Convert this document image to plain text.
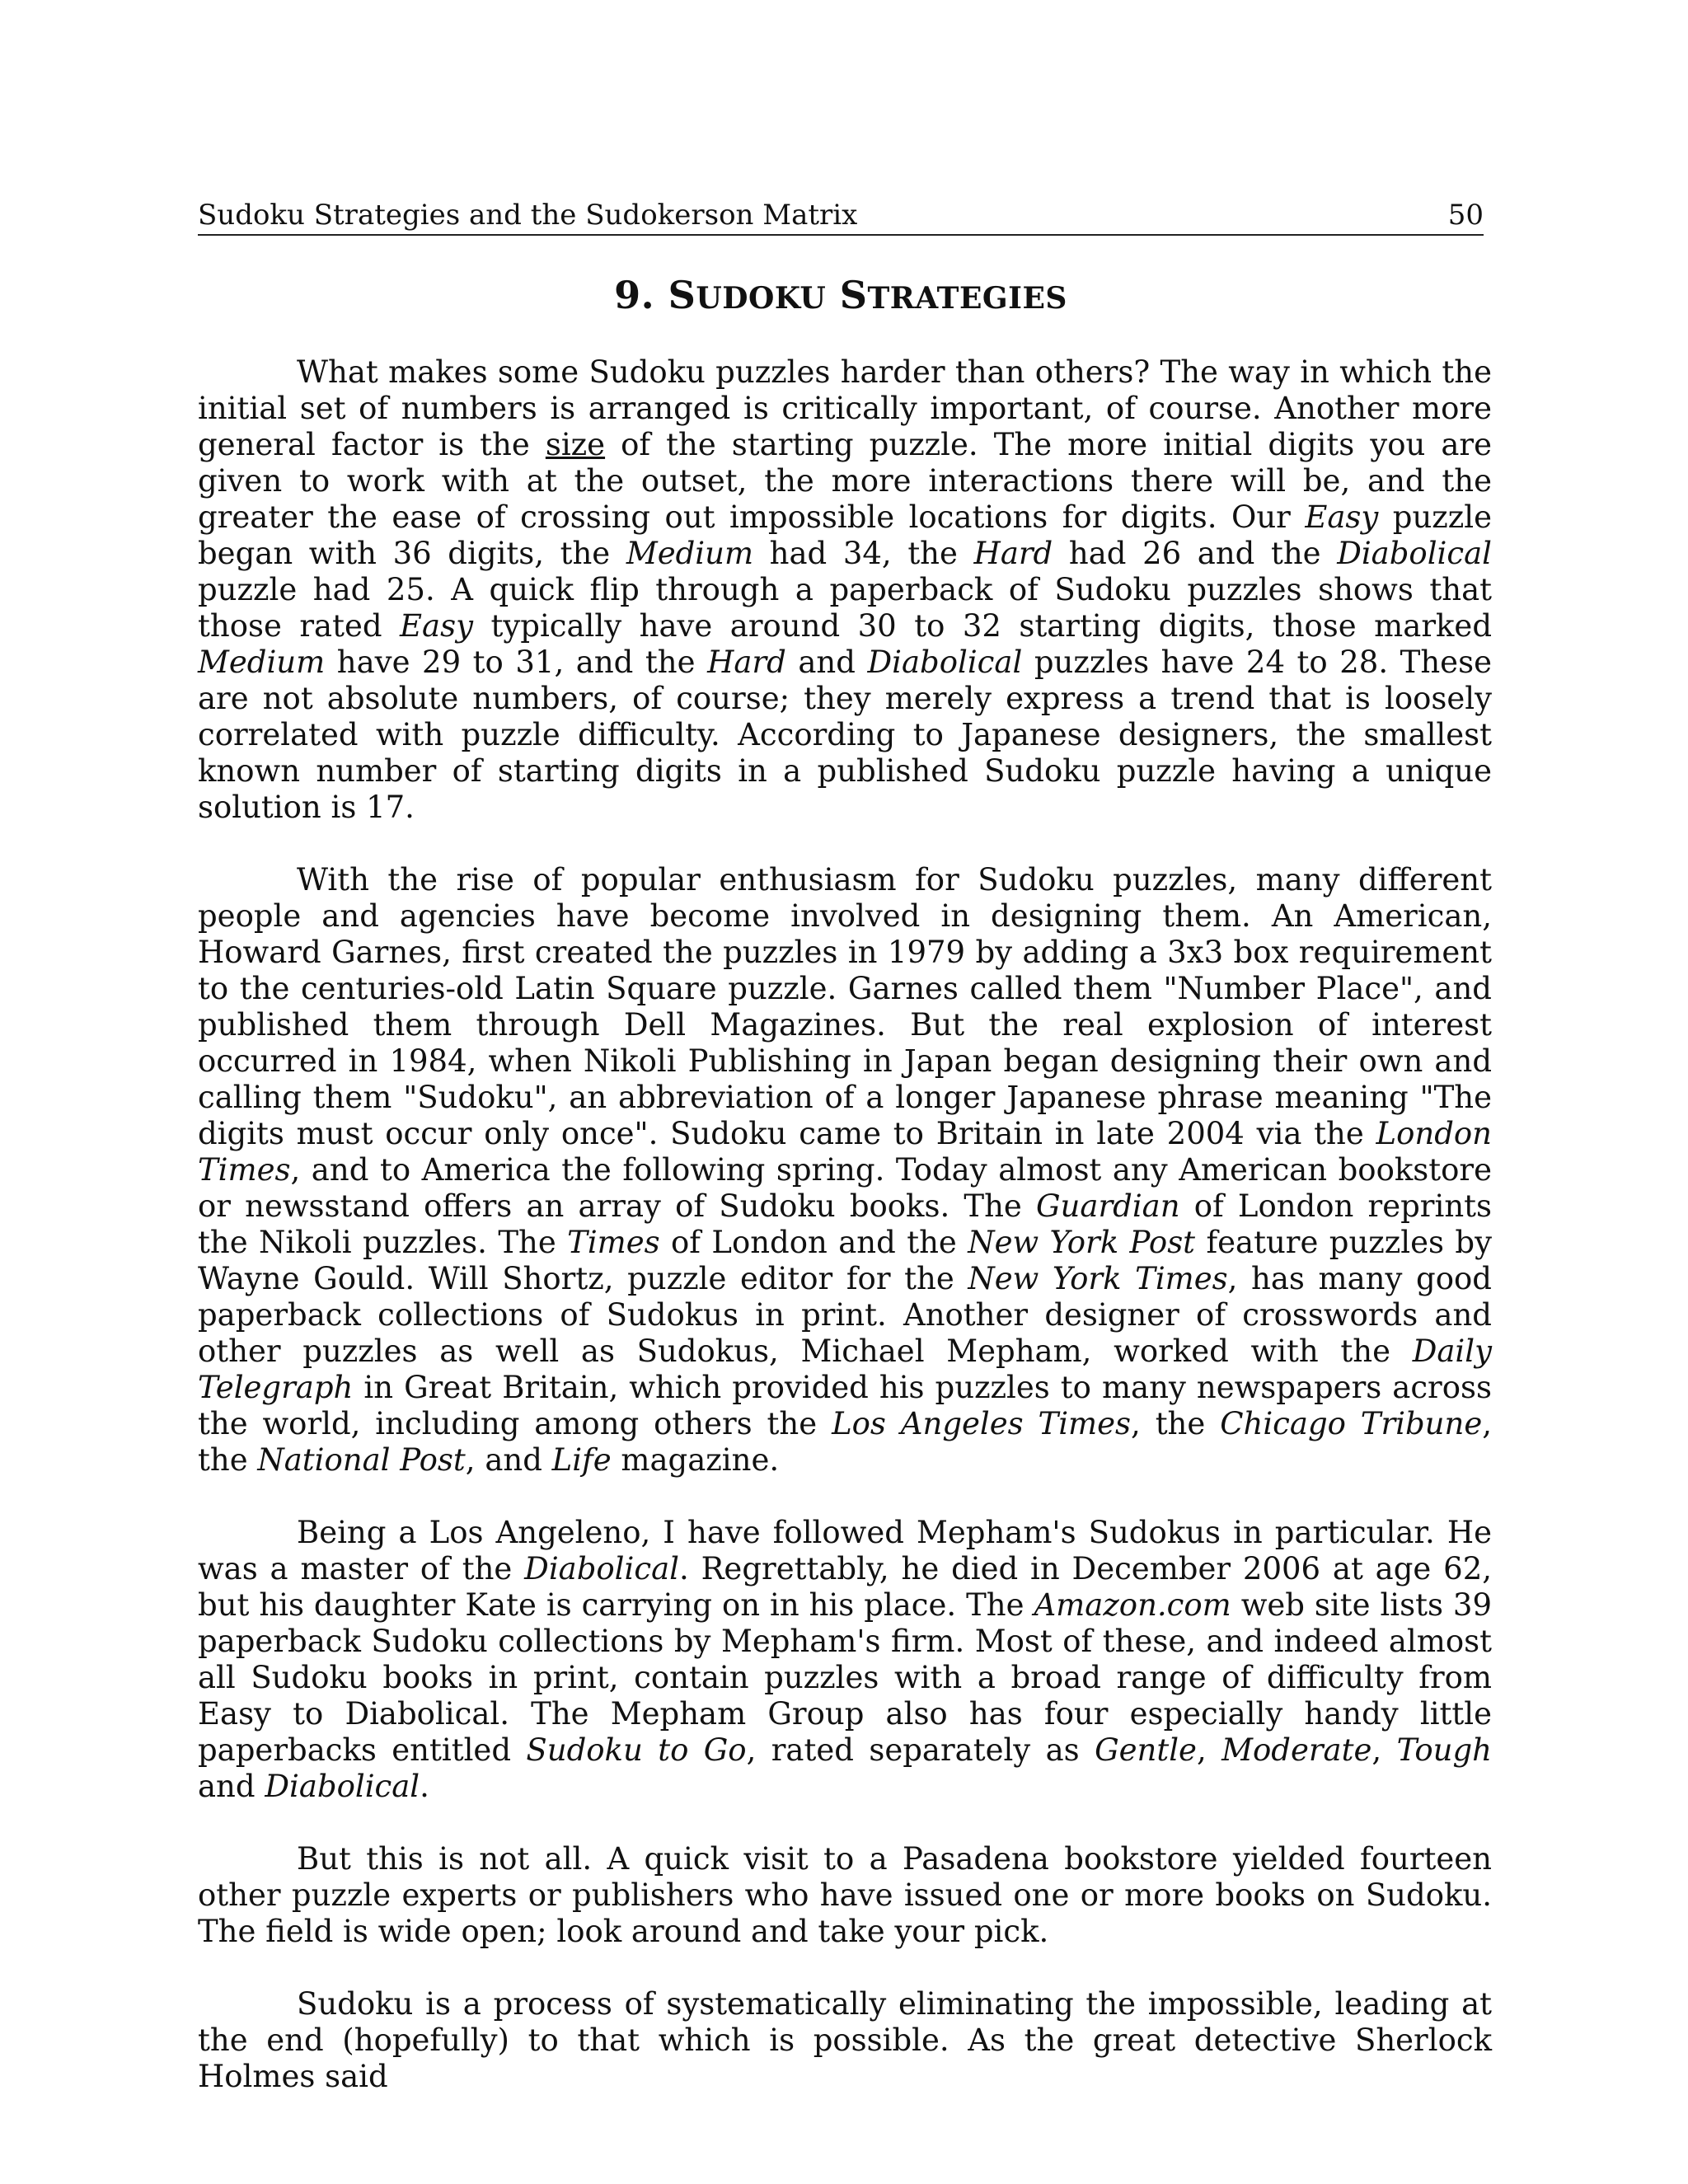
Sudoku Strategies and the Sudokerson Matrix	50
9. SUDOKU STRATEGIES

What makes some Sudoku puzzles harder than others? The way in which the initial set of numbers is arranged is critically important, of course. Another more general factor is the size of the starting puzzle. The more initial digits you are given to work with at the outset, the more interactions there will be, and the greater the ease of crossing out impossible locations for digits. Our Easy puzzle began with 36 digits, the Medium had 34, the Hard had 26 and the Diabolical puzzle had 25. A quick flip through a paperback of Sudoku puzzles shows that those rated Easy typically have around 30 to 32 starting digits, those marked Medium have 29 to 31, and the Hard and Diabolical puzzles have 24 to 28. These are not absolute numbers, of course; they merely express a trend that is loosely correlated with puzzle difficulty. According to Japanese designers, the smallest known number of starting digits in a published Sudoku puzzle having a unique solution is 17.

With the rise of popular enthusiasm for Sudoku puzzles, many different people and agencies have become involved in designing them. An American, Howard Garnes, first created the puzzles in 1979 by adding a 3x3 box requirement to the centuries-old Latin Square puzzle. Garnes called them "Number Place", and published them through Dell Magazines. But the real explosion of interest occurred in 1984, when Nikoli Publishing in Japan began designing their own and calling them "Sudoku", an abbreviation of a longer Japanese phrase meaning "The digits must occur only once". Sudoku came to Britain in late 2004 via the London Times, and to America the following spring. Today almost any American bookstore or newsstand offers an array of Sudoku books. The Guardian of London reprints the Nikoli puzzles. The Times of London and the New York Post feature puzzles by Wayne Gould. Will Shortz, puzzle editor for the New York Times, has many good paperback collections of Sudokus in print. Another designer of crosswords and other puzzles as well as Sudokus, Michael Mepham, worked with the Daily Telegraph in Great Britain, which provided his puzzles to many newspapers across the world, including among others the Los Angeles Times, the Chicago Tribune, the National Post, and Life magazine.

Being a Los Angeleno, I have followed Mepham's Sudokus in particular. He was a master of the Diabolical. Regrettably, he died in December 2006 at age 62, but his daughter Kate is carrying on in his place. The Amazon.com web site lists 39 paperback Sudoku collections by Mepham's firm. Most of these, and indeed almost all Sudoku books in print, contain puzzles with a broad range of difficulty from Easy to Diabolical. The Mepham Group also has four especially handy little paperbacks entitled Sudoku to Go, rated separately as Gentle, Moderate, Tough and Diabolical.

But this is not all. A quick visit to a Pasadena bookstore yielded fourteen other puzzle experts or publishers who have issued one or more books on Sudoku. The field is wide open; look around and take your pick.

Sudoku is a process of systematically eliminating the impossible, leading at the end (hopefully) to that which is possible. As the great detective Sherlock Holmes said
